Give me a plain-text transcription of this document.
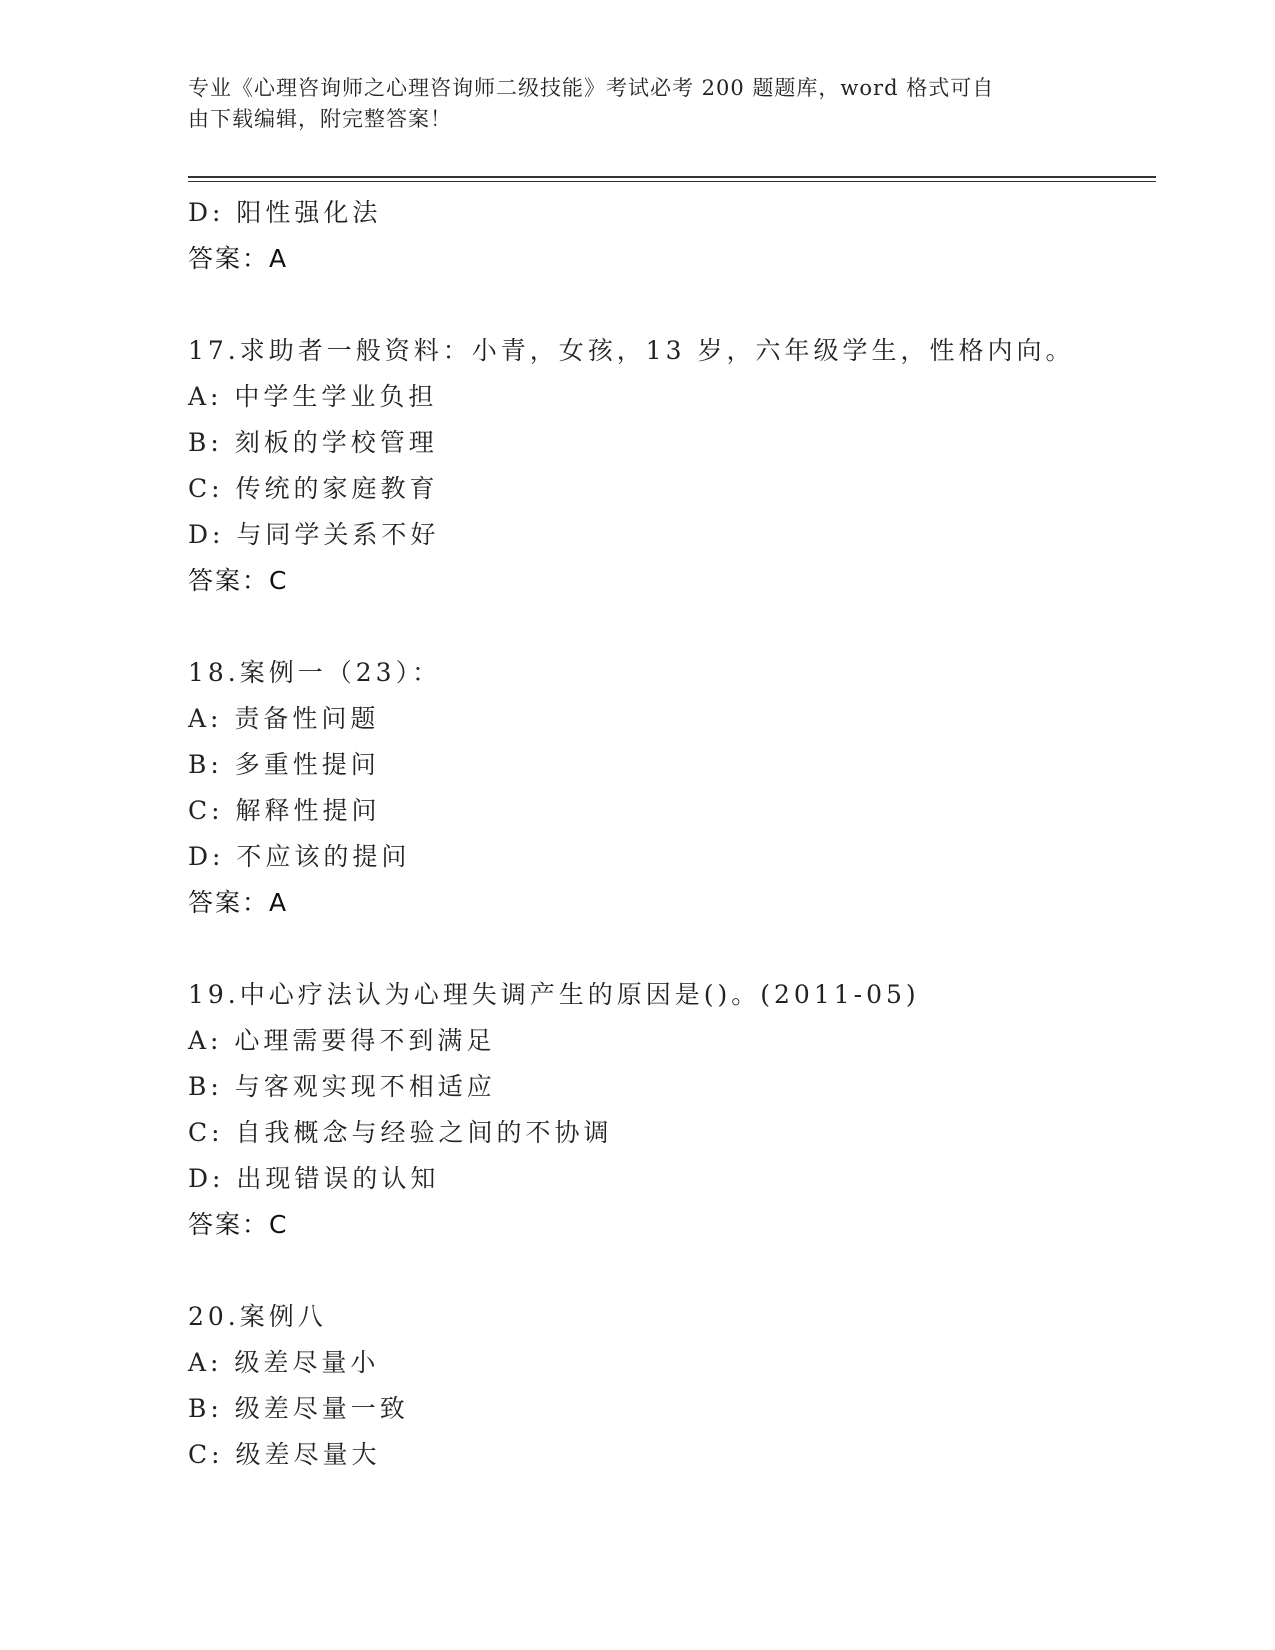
专业《心理咨询师之心理咨询师二级技能》考试必考 200 题题库，word 格式可自
由下载编辑，附完整答案！
D: 阳性强化法
答案：A
17.求助者一般资料：小青，女孩，13 岁，六年级学生，性格内向。
A: 中学生学业负担
B: 刻板的学校管理
C: 传统的家庭教育
D: 与同学关系不好
答案：C
18.案例一（23）：
A: 责备性问题
B: 多重性提问
C: 解释性提问
D: 不应该的提问
答案：A
19.中心疗法认为心理失调产生的原因是()。(2011-05)
A: 心理需要得不到满足
B: 与客观实现不相适应
C: 自我概念与经验之间的不协调
D: 出现错误的认知
答案：C
20.案例八
A: 级差尽量小
B: 级差尽量一致
C: 级差尽量大
